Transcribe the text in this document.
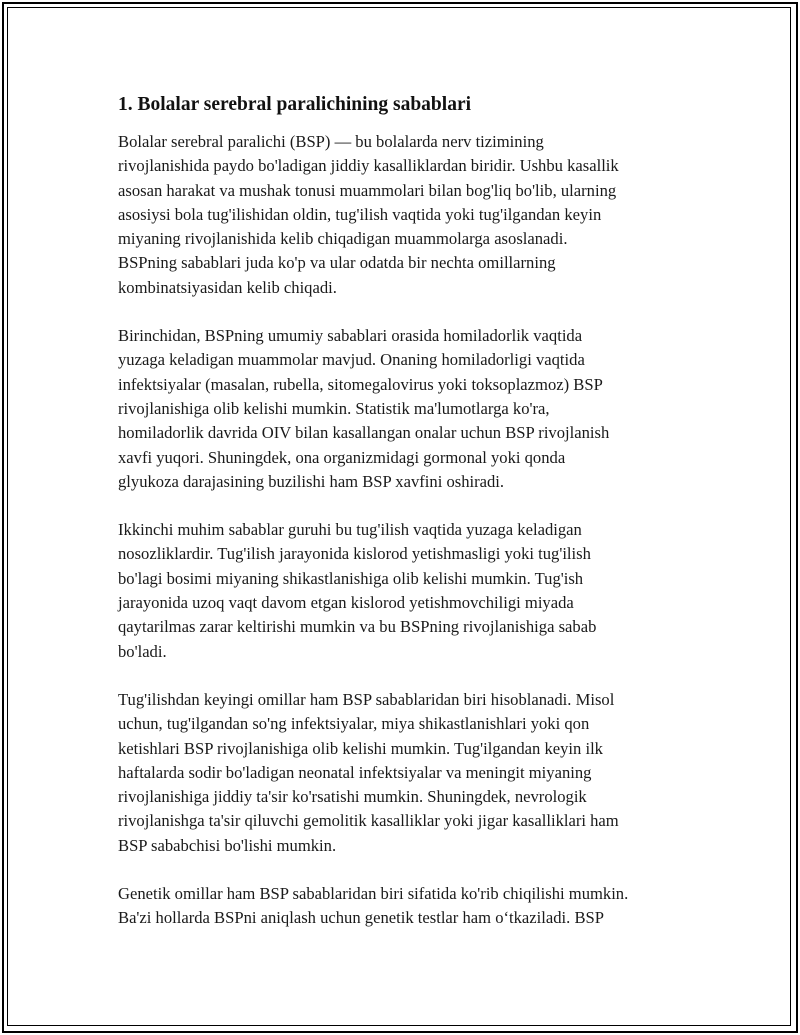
1. Bolalar serebral paralichining sabablari

Bolalar serebral paralichi (BSP) — bu bolalarda nerv tizimining
rivojlanishida paydo bo'ladigan jiddiy kasalliklardan biridir. Ushbu kasallik
asosan harakat va mushak tonusi muammolari bilan bog'liq bo'lib, ularning
asosiysi bola tug'ilishidan oldin, tug'ilish vaqtida yoki tug'ilgandan keyin
miyaning rivojlanishida kelib chiqadigan muammolarga asoslanadi.
BSPning sabablari juda ko'p va ular odatda bir nechta omillarning
kombinatsiyasidan kelib chiqadi.

Birinchidan, BSPning umumiy sabablari orasida homiladorlik vaqtida
yuzaga keladigan muammolar mavjud. Onaning homiladorligi vaqtida
infektsiyalar (masalan, rubella, sitomegalovirus yoki toksoplazmoz) BSP
rivojlanishiga olib kelishi mumkin. Statistik ma'lumotlarga ko'ra,
homiladorlik davrida OIV bilan kasallangan onalar uchun BSP rivojlanish
xavfi yuqori. Shuningdek, ona organizmidagi gormonal yoki qonda
glyukoza darajasining buzilishi ham BSP xavfini oshiradi.

Ikkinchi muhim sabablar guruhi bu tug'ilish vaqtida yuzaga keladigan
nosozliklardir. Tug'ilish jarayonida kislorod yetishmasligi yoki tug'ilish
bo'lagi bosimi miyaning shikastlanishiga olib kelishi mumkin. Tug'ish
jarayonida uzoq vaqt davom etgan kislorod yetishmovchiligi miyada
qaytarilmas zarar keltirishi mumkin va bu BSPning rivojlanishiga sabab
bo'ladi.

Tug'ilishdan keyingi omillar ham BSP sabablaridan biri hisoblanadi. Misol
uchun, tug'ilgandan so'ng infektsiyalar, miya shikastlanishlari yoki qon
ketishlari BSP rivojlanishiga olib kelishi mumkin. Tug'ilgandan keyin ilk
haftalarda sodir bo'ladigan neonatal infektsiyalar va meningit miyaning
rivojlanishiga jiddiy ta'sir ko'rsatishi mumkin. Shuningdek, nevrologik
rivojlanishga ta'sir qiluvchi gemolitik kasalliklar yoki jigar kasalliklari ham
BSP sababchisi bo'lishi mumkin.

Genetik omillar ham BSP sabablaridan biri sifatida ko'rib chiqilishi mumkin.
Ba'zi hollarda BSPni aniqlash uchun genetik testlar ham oʻtkaziladi. BSP
